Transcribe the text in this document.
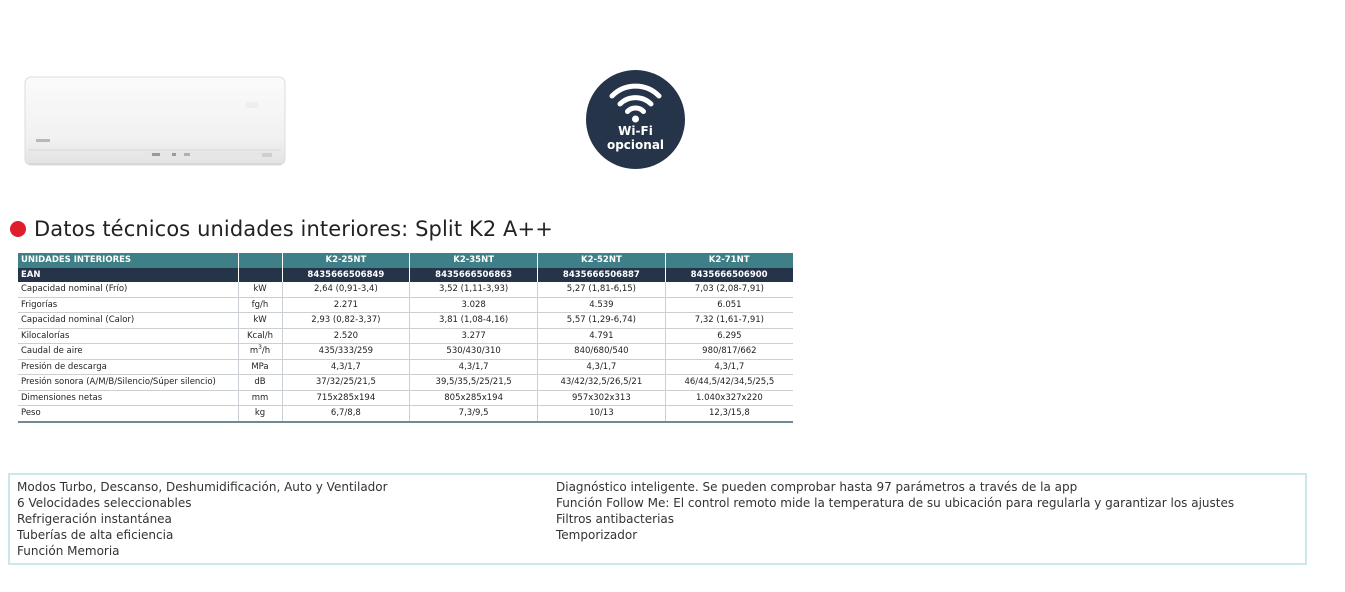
Wi-Fi
opcional
Datos técnicos unidades interiores: Split K2 A++
UNIDADES INTERIORES		K2-25NT	K2-35NT	K2-52NT	K2-71NT
EAN		8435666506849	8435666506863	8435666506887	8435666506900
Capacidad nominal (Frío)	kW	2,64 (0,91-3,4)	3,52 (1,11-3,93)	5,27 (1,81-6,15)	7,03 (2,08-7,91)
Frigorías	fg/h	2.271	3.028	4.539	6.051
Capacidad nominal (Calor)	kW	2,93 (0,82-3,37)	3,81 (1,08-4,16)	5,57 (1,29-6,74)	7,32 (1,61-7,91)
Kilocalorías	Kcal/h	2.520	3.277	4.791	6.295
Caudal de aire	$m^3/h$	435/333/259	530/430/310	840/680/540	980/817/662
Presión de descarga	MPa	4,3/1,7	4,3/1,7	4,3/1,7	4,3/1,7
Presión sonora (A/M/B/Silencio/Súper silencio)	dB	37/32/25/21,5	39,5/35,5/25/21,5	43/42/32,5/26,5/21	46/44,5/42/34,5/25,5
Dimensiones netas	mm	715x285x194	805x285x194	957x302x313	1.040x327x220
Peso	kg	6,7/8,8	7,3/9,5	10/13	12,3/15,8
Modos Turbo, Descanso, Deshumidificación, Auto y Ventilador
6 Velocidades seleccionables
Refrigeración instantánea
Tuberías de alta eficiencia
Función Memoria
Diagnóstico inteligente. Se pueden comprobar hasta 97 parámetros a través de la app
Función Follow Me: El control remoto mide la temperatura de su ubicación para regularla y garantizar los ajustes
Filtros antibacterias
Temporizador
